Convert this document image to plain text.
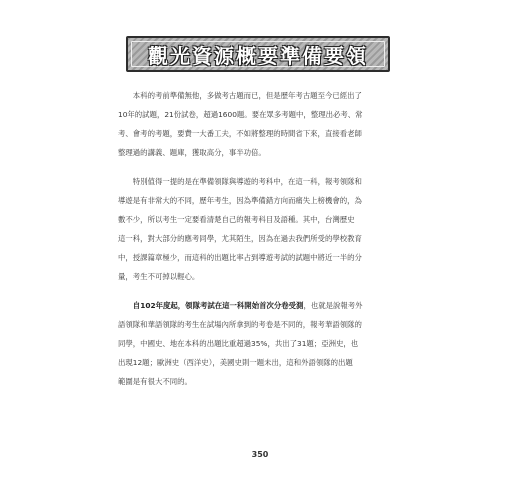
觀光資源概要準備要領

本科的考前準備無他，多做考古題而已，但是歷年考古題至今已經出了
10年的試題，21份試卷，超過1600題。要在眾多考題中，整理出必考、常
考、會考的考題，要費一大番工夫，不如將整理的時間省下來，直接看老師
整理過的講義、題庫，獲取高分，事半功倍。

特別值得一提的是在準備領隊與導遊的考科中，在這一科，報考領隊和
導遊是有非常大的不同，歷年考生，因為準備錯方向而痛失上榜機會的，為
數不少，所以考生一定要看清楚自己的報考科目及語種。其中，台灣歷史
這一科，對大部分的應考同學，尤其陌生，因為在過去我們所受的學校教育
中，授課篇章極少，而這科的出題比率占到導遊考試的試題中將近一半的分
量，考生不可掉以輕心。

自102年度起，領隊考試在這一科開始首次分卷受測，也就是說報考外
語領隊和華語領隊的考生在試場內所拿到的考卷是不同的，報考華語領隊的
同學，中國史、地在本科的出題比重超過35%，共出了31題；亞洲史，也
出現12題；歐洲史（西洋史），美國史則一題未出，這和外語領隊的出題
範圍是有很大不同的。

350
